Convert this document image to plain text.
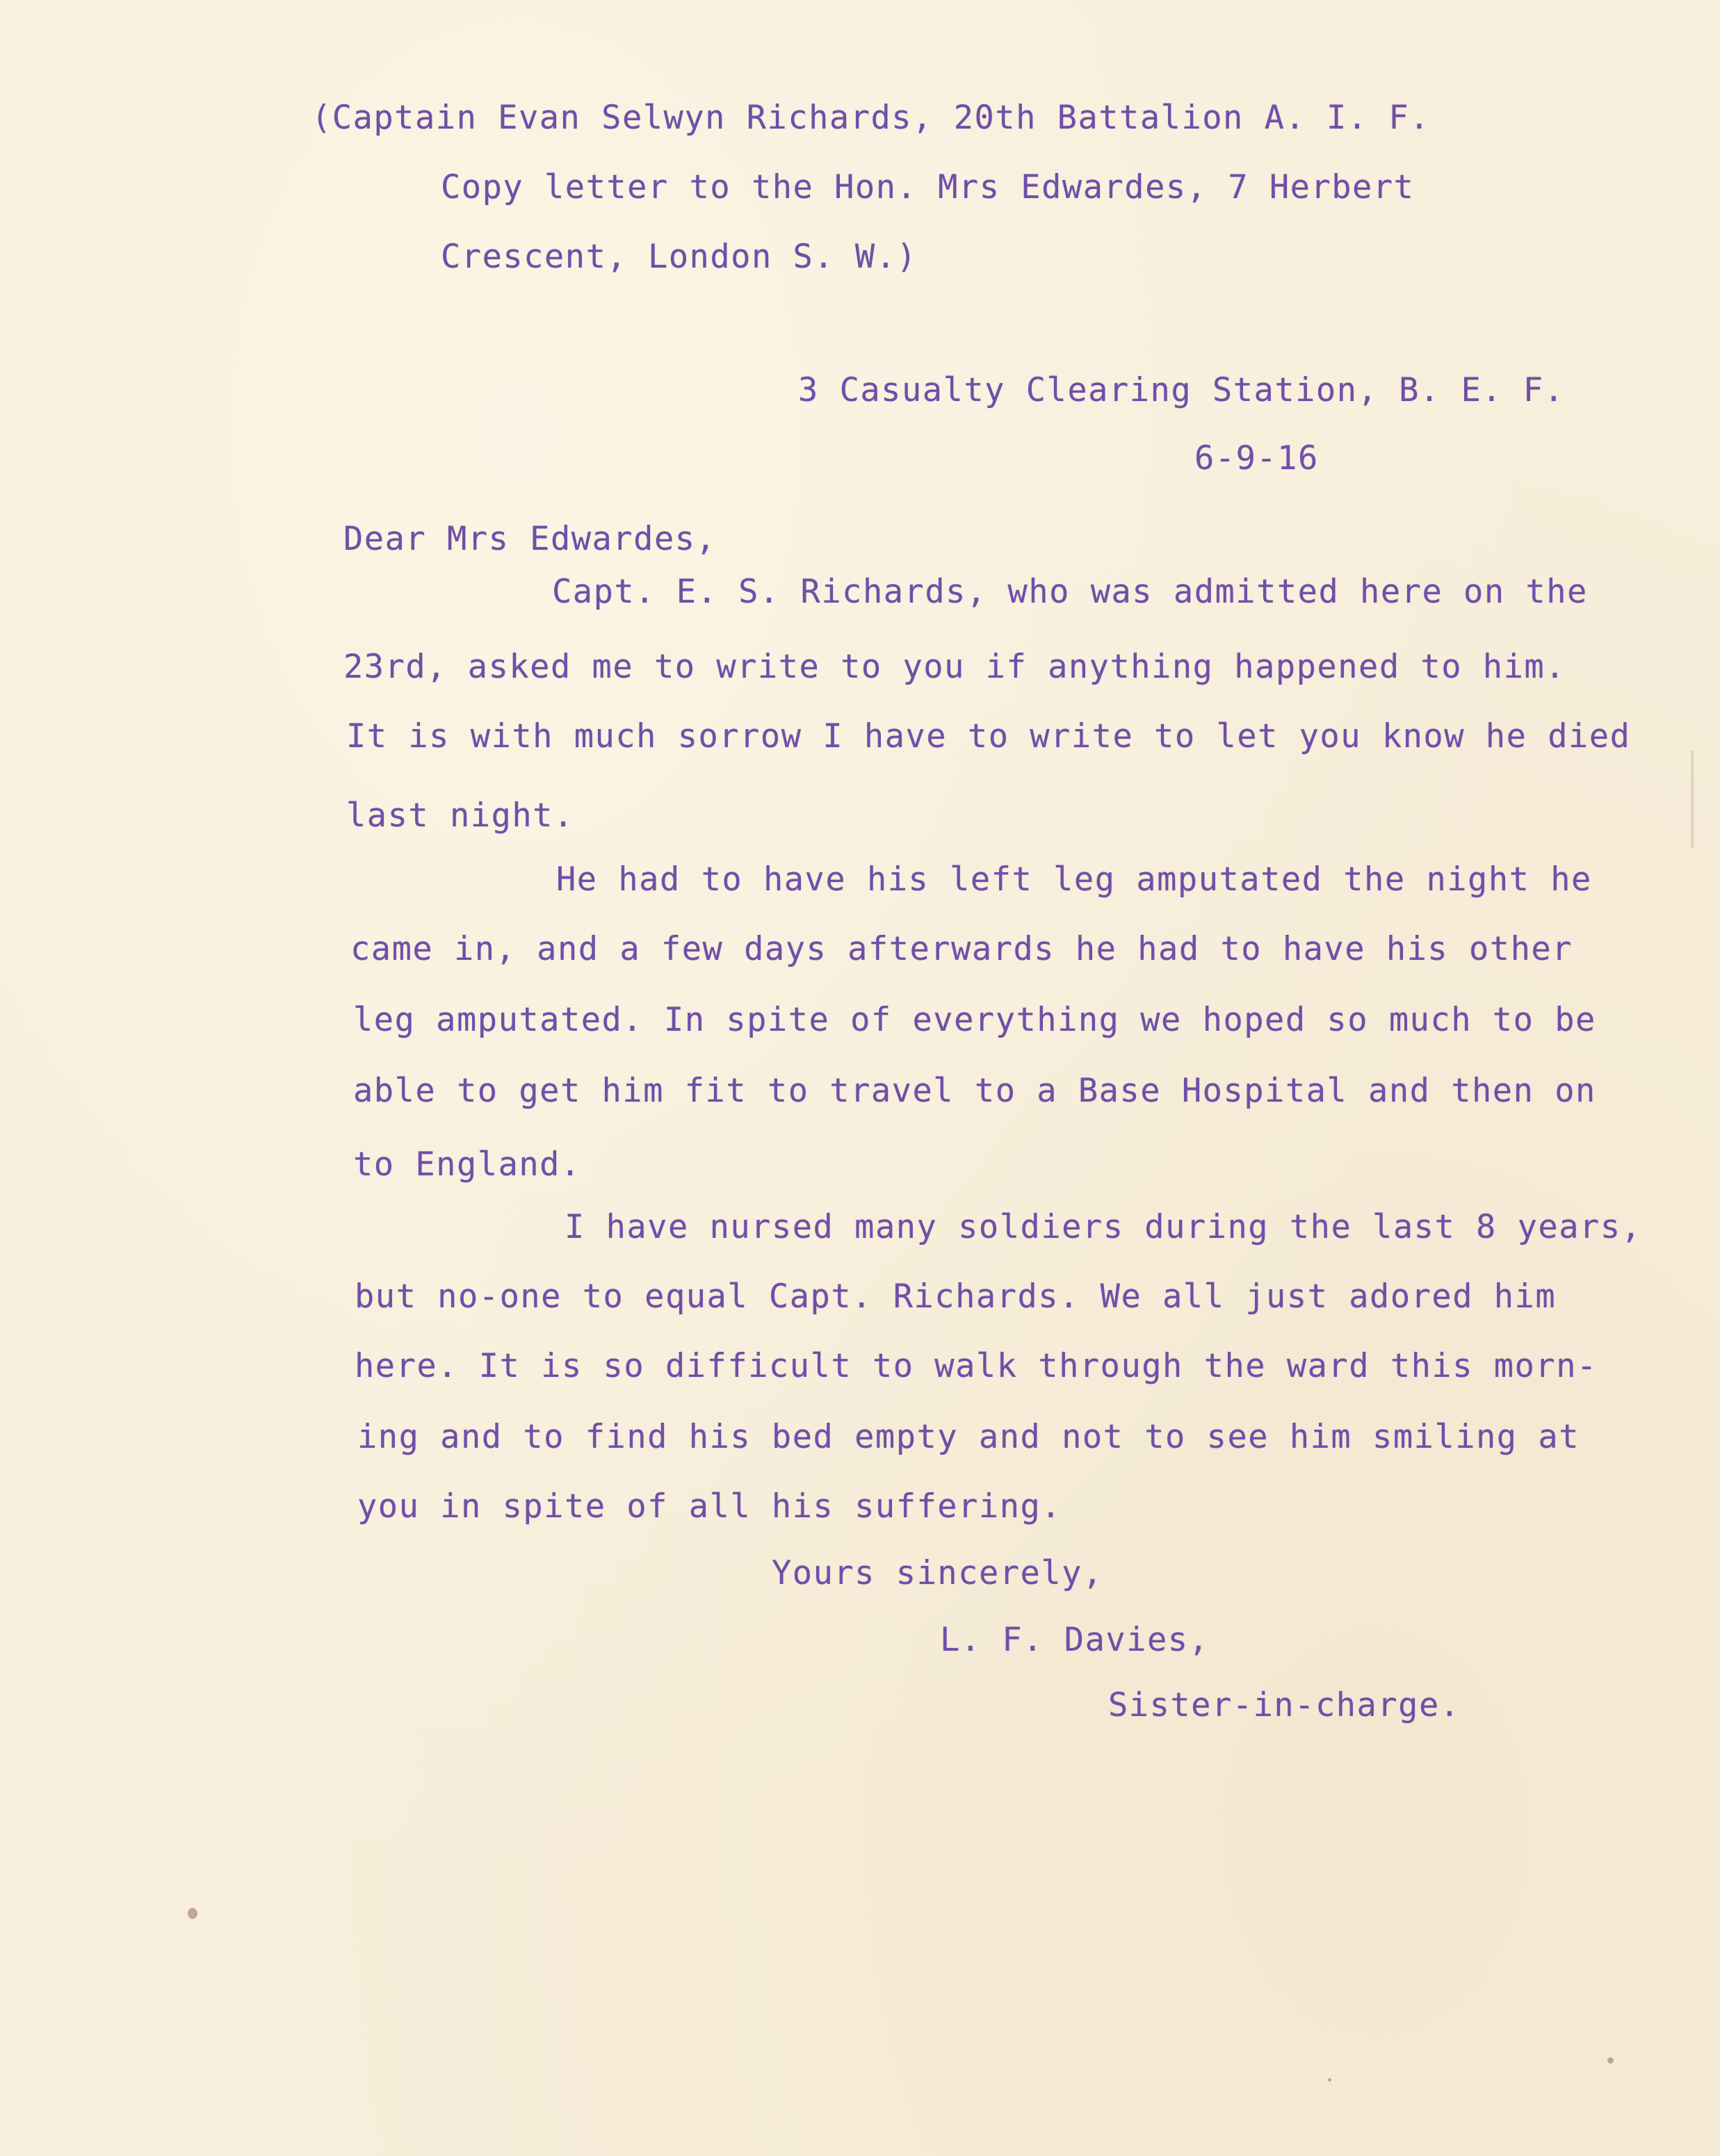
(Captain Evan Selwyn Richards, 20th Battalion A. I. F.

Copy letter to the Hon. Mrs Edwardes, 7 Herbert

Crescent, London S. W.)

3 Casualty Clearing Station, B. E. F.

6-9-16

Dear Mrs Edwardes,

Capt. E. S. Richards, who was admitted here on the

23rd, asked me to write to you if anything happened to him.

It is with much sorrow I have to write to let you know he died

last night.

He had to have his left leg amputated the night he

came in, and a few days afterwards he had to have his other

leg amputated. In spite of everything we hoped so much to be

able to get him fit to travel to a Base Hospital and then on

to England.

I have nursed many soldiers during the last 8 years,

but no-one to equal Capt. Richards. We all just adored him

here. It is so difficult to walk through the ward this morn-

ing and to find his bed empty and not to see him smiling at

you in spite of all his suffering.

Yours sincerely,

L. F. Davies,

Sister-in-charge.
